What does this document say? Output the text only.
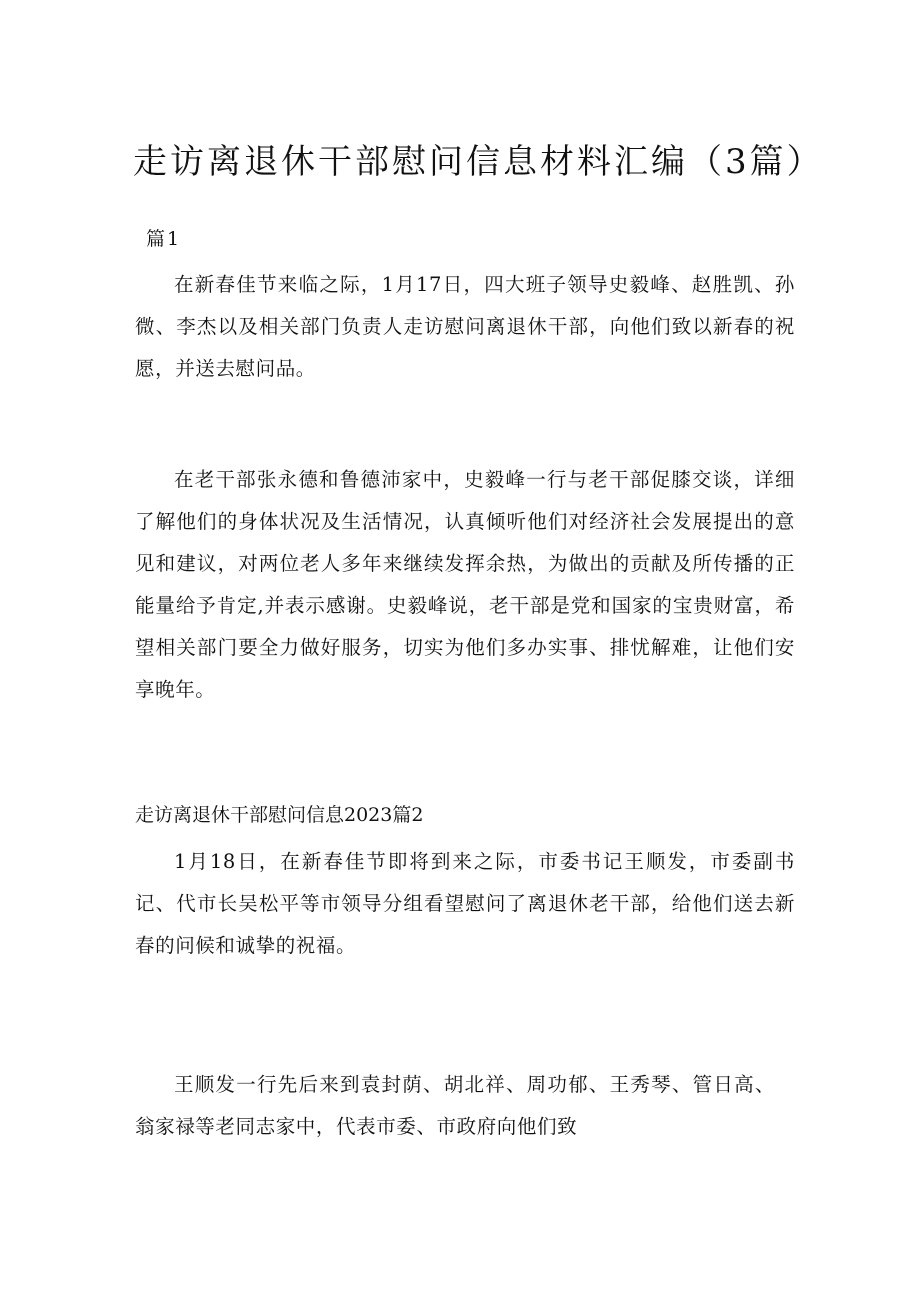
走访离退休干部慰问信息材料汇编（3篇）
篇1

在新春佳节来临之际，1月17日，四大班子领导史毅峰、赵胜凯、孙微、李杰以及相关部门负责人走访慰问离退休干部，向他们致以新春的祝愿，并送去慰问品。

在老干部张永德和鲁德沛家中，史毅峰一行与老干部促膝交谈，详细了解他们的身体状况及生活情况，认真倾听他们对经济社会发展提出的意见和建议，对两位老人多年来继续发挥余热，为做出的贡献及所传播的正能量给予肯定,并表示感谢。史毅峰说，老干部是党和国家的宝贵财富，希望相关部门要全力做好服务，切实为他们多办实事、排忧解难，让他们安享晚年。

走访离退休干部慰问信息2023篇2

1月18日，在新春佳节即将到来之际，市委书记王顺发，市委副书记、代市长吴松平等市领导分组看望慰问了离退休老干部，给他们送去新春的问候和诚挚的祝福。

王顺发一行先后来到袁封荫、胡北祥、周功郁、王秀琴、管日高、翁家禄等老同志家中，代表市委、市政府向他们致
